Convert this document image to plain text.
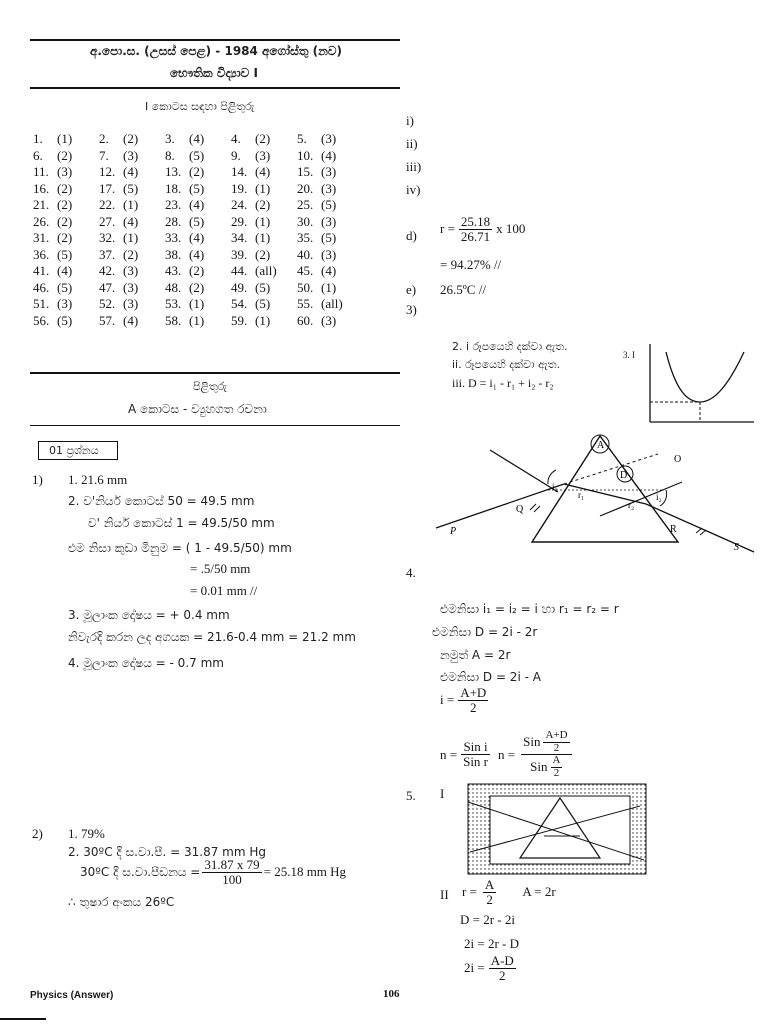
අ.පො.ස. (උසස් පෙළ) - 1984 අගෝස්තු (නව)
භෞතික විද්‍යාව I
I කොටස සඳහා පිළිතුරු
1. (1)	2. (2)	3. (4)	4. (2)	5. (3)
6. (2)	7. (3)	8. (5)	9. (3)	10. (4)
11. (3)	12. (4)	13. (2)	14. (4)	15. (3)
16. (2)	17. (5)	18. (5)	19. (1)	20. (3)
21. (2)	22. (1)	23. (4)	24. (2)	25. (5)
26. (2)	27. (4)	28. (5)	29. (1)	30. (3)
31. (2)	32. (1)	33. (4)	34. (1)	35. (5)
36. (5)	37. (2)	38. (4)	39. (2)	40. (3)
41. (4)	42. (3)	43. (2)	44. (all)	45. (4)
46. (5)	47. (3)	48. (2)	49. (5)	50. (1)
51. (3)	52. (3)	53. (1)	54. (5)	55. (all)
56. (5)	57. (4)	58. (1)	59. (1)	60. (3)
පිළිතුරු
A කොටස - ව්‍යුහගත රචනා
01 ප්‍රශ්නය
1) 1. 21.6 mm
2. ව'නියර් කොටස් 50 = 49.5 mm
ව' නියර් කොටස් 1 = 49.5/50 mm
එම නිසා කුඩා මිනුම = ( 1 - 49.5/50) mm
= .5/50 mm
= 0.01 mm //
3. මූලාංක දෝෂය = + 0.4 mm
නිවැරදි කරන ලද අගයක = 21.6-0.4 mm = 21.2 mm
4. මූලාංක දෝෂය = - 0.7 mm
2) 1. 79%
2. 30ºC දී ස.වා.පී. = 31.87 mm Hg
30ºC දී ස.වා.පීඩනය = $\frac{31.87 x 79}{100} = 25.18$ mm Hg
∴ තුෂාර අංකය 26ºC
Physics (Answer)	106
i)
ii)
iii)
iv)
d) $r = \frac{25.18}{26.71}$ x 100
= 94.27% //
e) 26.5ºC //
3)
2. i රූපයෙහි දක්වා ඇත.
ii. රූපයෙහි දක්වා ඇත.
iii. D = i₁ - r₁ + i₂ - r₂
3. I
A
D
i₁
r₁
r₂
i₂
P
Q
R
S
O
4.
එමනිසා i₁ = i₂ = i හා r₁ = r₂ = r
එමනිසා D = 2i - 2r
නමුත් A = 2r
එමනිසා D = 2i - A
$i = \frac{A+D}{2}$
$n = \frac{\text{Sin i}}{\text{Sin r}}$ $n = \frac{Sin \frac{A+D}{2}}{Sin \frac{A}{2}}$
5. I
II $r = \frac{A}{2}$ A = 2r
D = 2r - 2i
2i = 2r - D
$2i = \frac{A-D}{2}$
